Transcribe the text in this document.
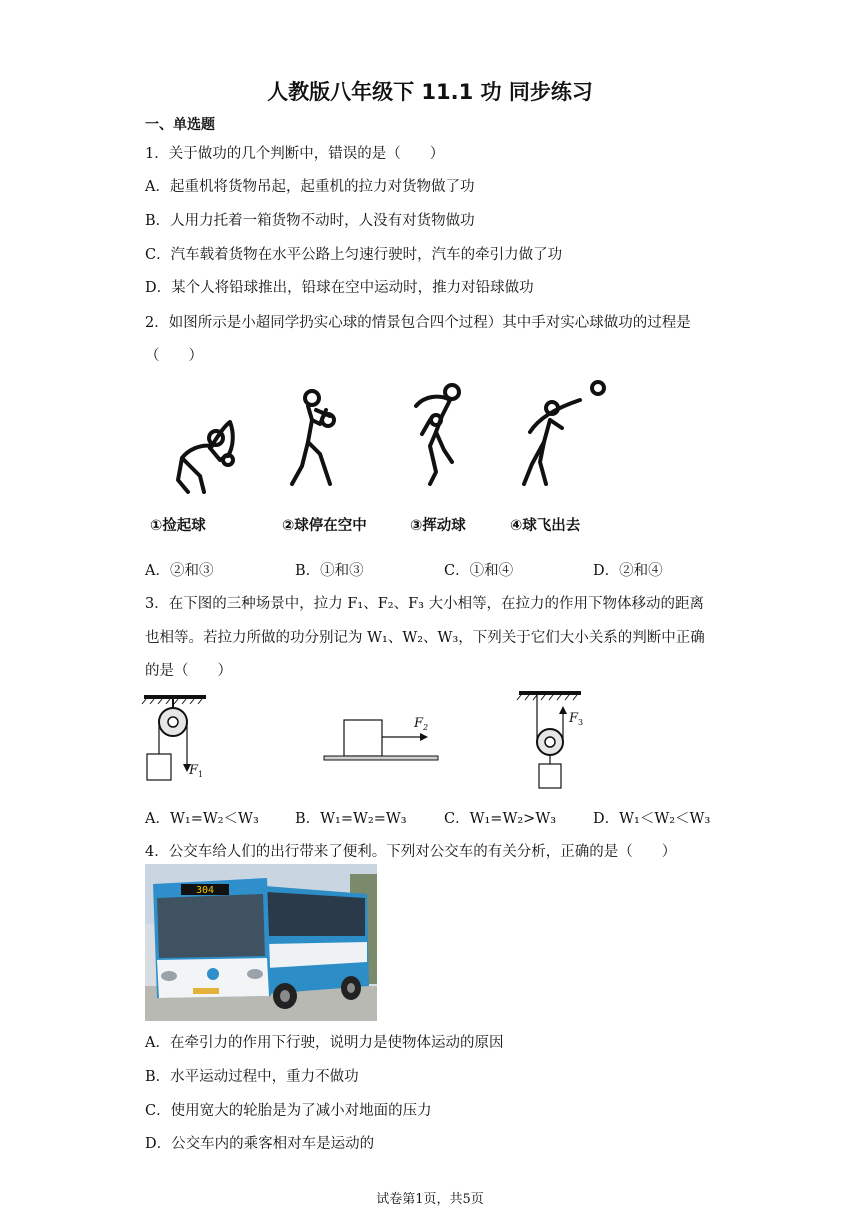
人教版八年级下 11.1 功 同步练习
一、单选题
1．关于做功的几个判断中，错误的是（　　）
A．起重机将货物吊起，起重机的拉力对货物做了功
B．人用力托着一箱货物不动时，人没有对货物做功
C．汽车载着货物在水平公路上匀速行驶时，汽车的牵引力做了功
D．某个人将铅球推出，铅球在空中运动时，推力对铅球做功
2．如图所示是小超同学扔实心球的情景包合四个过程）其中手对实心球做功的过程是
（　　）
①捡起球	②球停在空中	③挥动球	④球飞出去
A．②和③	B．①和③	C．①和④	D．②和④
3．在下图的三种场景中，拉力 F₁、F₂、F₃ 大小相等，在拉力的作用下物体移动的距离
也相等。若拉力所做的功分别记为 W₁、W₂、W₃，下列关于它们大小关系的判断中正确
的是（　　）
F 1
F 2
F 3
A．W₁=W₂＜W₃ B．W₁=W₂=W₃	C．W₁=W₂>W₃	D．W₁＜W₂＜W₃
4．公交车给人们的出行带来了便利。下列对公交车的有关分析，正确的是（　　）
304
A．在牵引力的作用下行驶，说明力是使物体运动的原因
B．水平运动过程中，重力不做功
C．使用宽大的轮胎是为了减小对地面的压力
D．公交车内的乘客相对车是运动的
试卷第1页，共5页
